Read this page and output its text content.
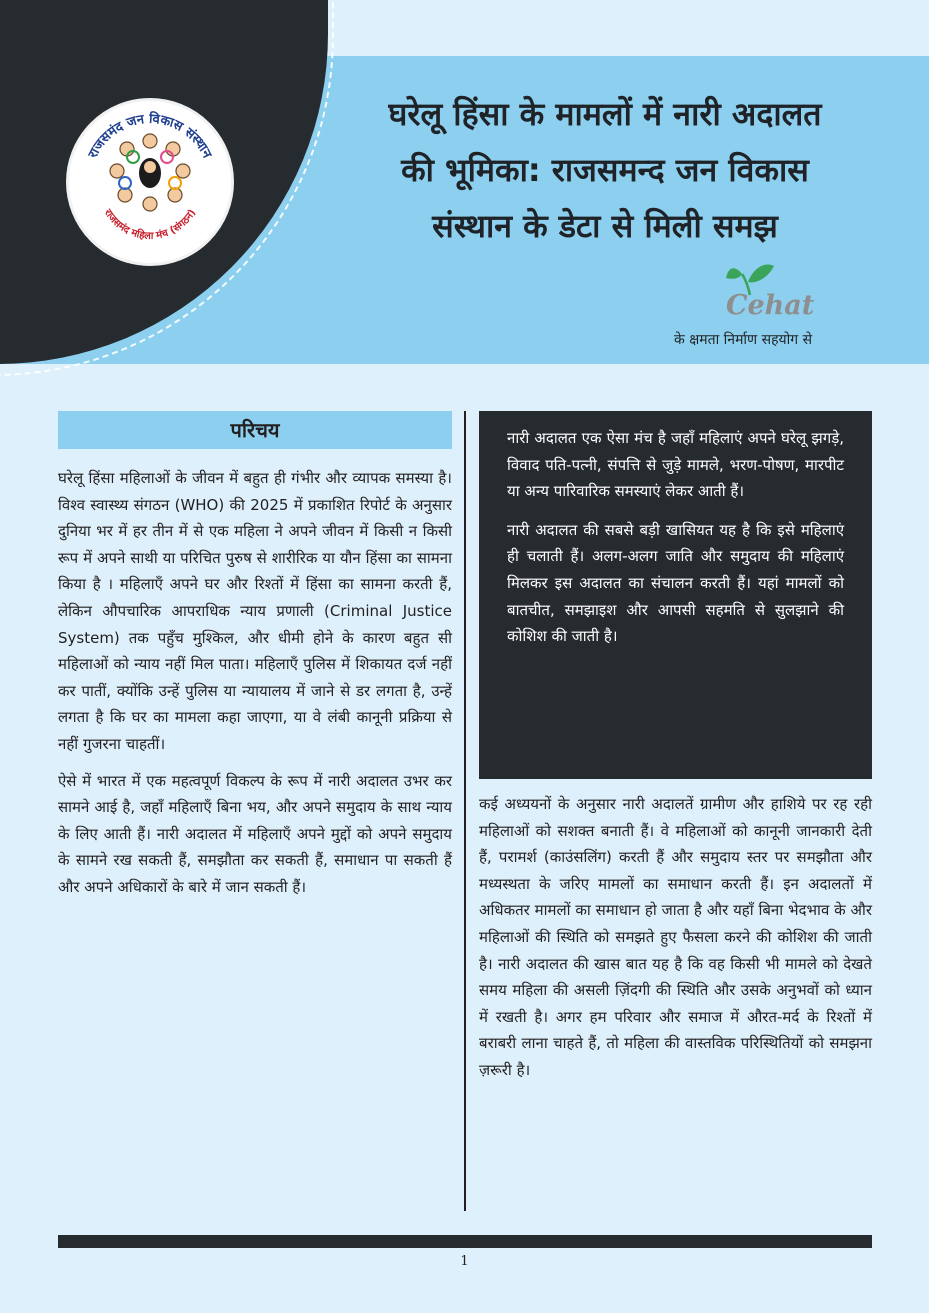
राजसमंद जन विकास संस्थान
राजसमंद महिला मंच (संगठन)
घरेलू हिंसा के मामलों में नारी अदालत
की भूमिका: राजसमन्द जन विकास
संस्थान के डेटा से मिली समझ
Cehat
के क्षमता निर्माण सहयोग से
परिचय

घरेलू हिंसा महिलाओं के जीवन में बहुत ही गंभीर और व्यापक समस्या है। विश्व स्वास्थ्य संगठन (WHO) की 2025 में प्रकाशित रिपोर्ट के अनुसार दुनिया भर में हर तीन में से एक महिला ने अपने जीवन में किसी न किसी रूप में अपने साथी या परिचित पुरुष से शारीरिक या यौन हिंसा का सामना किया है । महिलाएँ अपने घर और रिश्तों में हिंसा का सामना करती हैं, लेकिन औपचारिक आपराधिक न्याय प्रणाली (Criminal Justice System) तक पहुँच मुश्किल, और धीमी होने के कारण बहुत सी महिलाओं को न्याय नहीं मिल पाता। महिलाएँ पुलिस में शिकायत दर्ज नहीं कर पातीं, क्योंकि उन्हें पुलिस या न्यायालय में जाने से डर लगता है, उन्हें लगता है कि घर का मामला कहा जाएगा, या वे लंबी कानूनी प्रक्रिया से नहीं गुजरना चाहतीं।

ऐसे में भारत में एक महत्वपूर्ण विकल्प के रूप में नारी अदालत उभर कर सामने आई है, जहाँ महिलाएँ बिना भय, और अपने समुदाय के साथ न्याय के लिए आती हैं। नारी अदालत में महिलाएँ अपने मुद्दों को अपने समुदाय के सामने रख सकती हैं, समझौता कर सकती हैं, समाधान पा सकती हैं और अपने अधिकारों के बारे में जान सकती हैं।

नारी अदालत एक ऐसा मंच है जहाँ महिलाएं अपने घरेलू झगड़े, विवाद पति-पत्नी, संपत्ति से जुड़े मामले, भरण-पोषण, मारपीट या अन्य पारिवारिक समस्याएं लेकर आती हैं।

नारी अदालत की सबसे बड़ी खासियत यह है कि इसे महिलाएं ही चलाती हैं। अलग-अलग जाति और समुदाय की महिलाएं मिलकर इस अदालत का संचालन करती हैं। यहां मामलों को बातचीत, समझाइश और आपसी सहमति से सुलझाने की कोशिश की जाती है।

कई अध्ययनों के अनुसार नारी अदालतें ग्रामीण और हाशिये पर रह रही महिलाओं को सशक्त बनाती हैं। वे महिलाओं को कानूनी जानकारी देती हैं, परामर्श (काउंसलिंग) करती हैं और समुदाय स्तर पर समझौता और मध्यस्थता के जरिए मामलों का समाधान करती हैं। इन अदालतों में अधिकतर मामलों का समाधान हो जाता है और यहाँ बिना भेदभाव के और महिलाओं की स्थिति को समझते हुए फैसला करने की कोशिश की जाती है। नारी अदालत की खास बात यह है कि वह किसी भी मामले को देखते समय महिला की असली ज़िंदगी की स्थिति और उसके अनुभवों को ध्यान में रखती है। अगर हम परिवार और समाज में औरत-मर्द के रिश्तों में बराबरी लाना चाहते हैं, तो महिला की वास्तविक परिस्थितियों को समझना ज़रूरी है।

1
